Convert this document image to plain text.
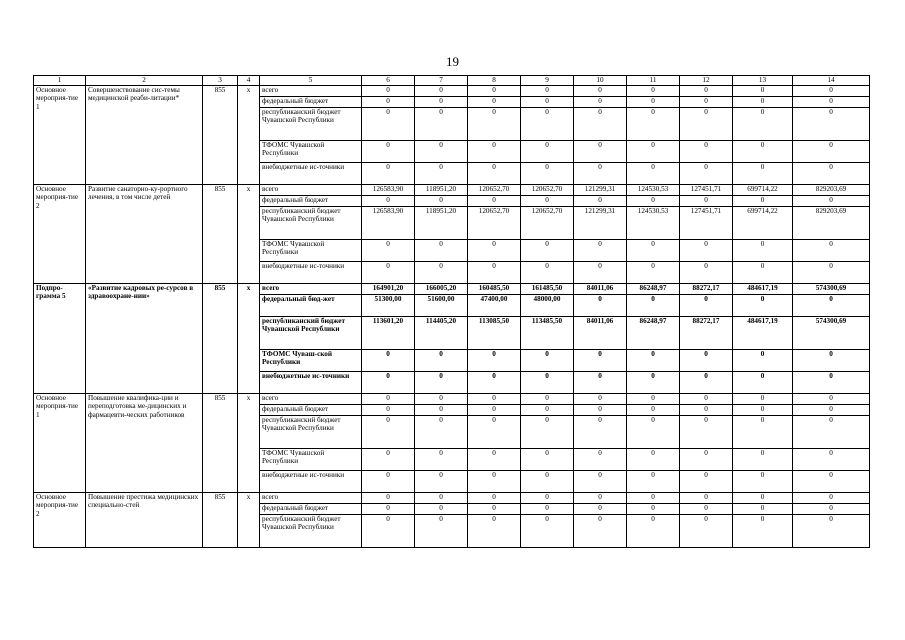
19
1	2	3	4	5	6	7	8	9	10	11	12	13	14
Основное мероприя-тие 1	Совершенствование сис-темы медицинской реаби-литации*	855	х	всего	0	0	0	0	0	0	0	0	0
				федеральный бюджет	0	0	0	0	0	0	0	0	0
				республиканский бюджет Чувашской Республики	0	0	0	0	0	0	0	0	0
				ТФОМС Чувашской Республики	0	0	0	0	0	0	0	0	0
				внебюджетные ис-точники	0	0	0	0	0	0	0	0	0
Основное мероприя-тие 2	Развитие санаторно-ку-рортного лечения, в том числе детей	855	х	всего	126583,90	118951,20	120652,70	120652,70	121299,31	124530,53	127451,71	699714,22	829203,69
				федеральный бюджет	0	0	0	0	0	0	0	0	0
				республиканский бюджет Чувашской Республики	126583,90	118951,20	120652,70	120652,70	121299,31	124530,53	127451,71	699714,22	829203,69
				ТФОМС Чувашской Республики	0	0	0	0	0	0	0	0	0
				внебюджетные ис-точники	0	0	0	0	0	0	0	0	0
Подпро-грамма 5	«Развитие кадровых ре-сурсов в здравоохране-нии»	855	х	всего	164901,20	166005,20	160485,50	161485,50	84011,06	86248,97	88272,17	484617,19	574300,69
				федеральный бюд-жет	51300,00	51600,00	47400,00	48000,00	0	0	0	0	0
				республиканский бюджет Чувашской Республики	113601,20	114405,20	113085,50	113485,50	84011,06	86248,97	88272,17	484617,19	574300,69
				ТФОМС Чуваш-ской Республики	0	0	0	0	0	0	0	0	0
				внебюджетные ис-точники	0	0	0	0	0	0	0	0	0
Основное мероприя-тие 1	Повышение квалифика-ции и переподготовка ме-дицинских и фармацевти-ческих работников	855	х	всего	0	0	0	0	0	0	0	0	0
				федеральный бюджет	0	0	0	0	0	0	0	0	0
				республиканский бюджет Чувашской Республики	0	0	0	0	0	0	0	0	0
				ТФОМС Чувашской Республики	0	0	0	0	0	0	0	0	0
				внебюджетные ис-точники	0	0	0	0	0	0	0	0	0
Основное мероприя-тие 2	Повышение престижа медицинских специально-стей	855	х	всего	0	0	0	0	0	0	0	0	0
				федеральный бюджет	0	0	0	0	0	0	0	0	0
				республиканский бюджет Чувашской Республики	0	0	0	0	0	0	0	0	0
